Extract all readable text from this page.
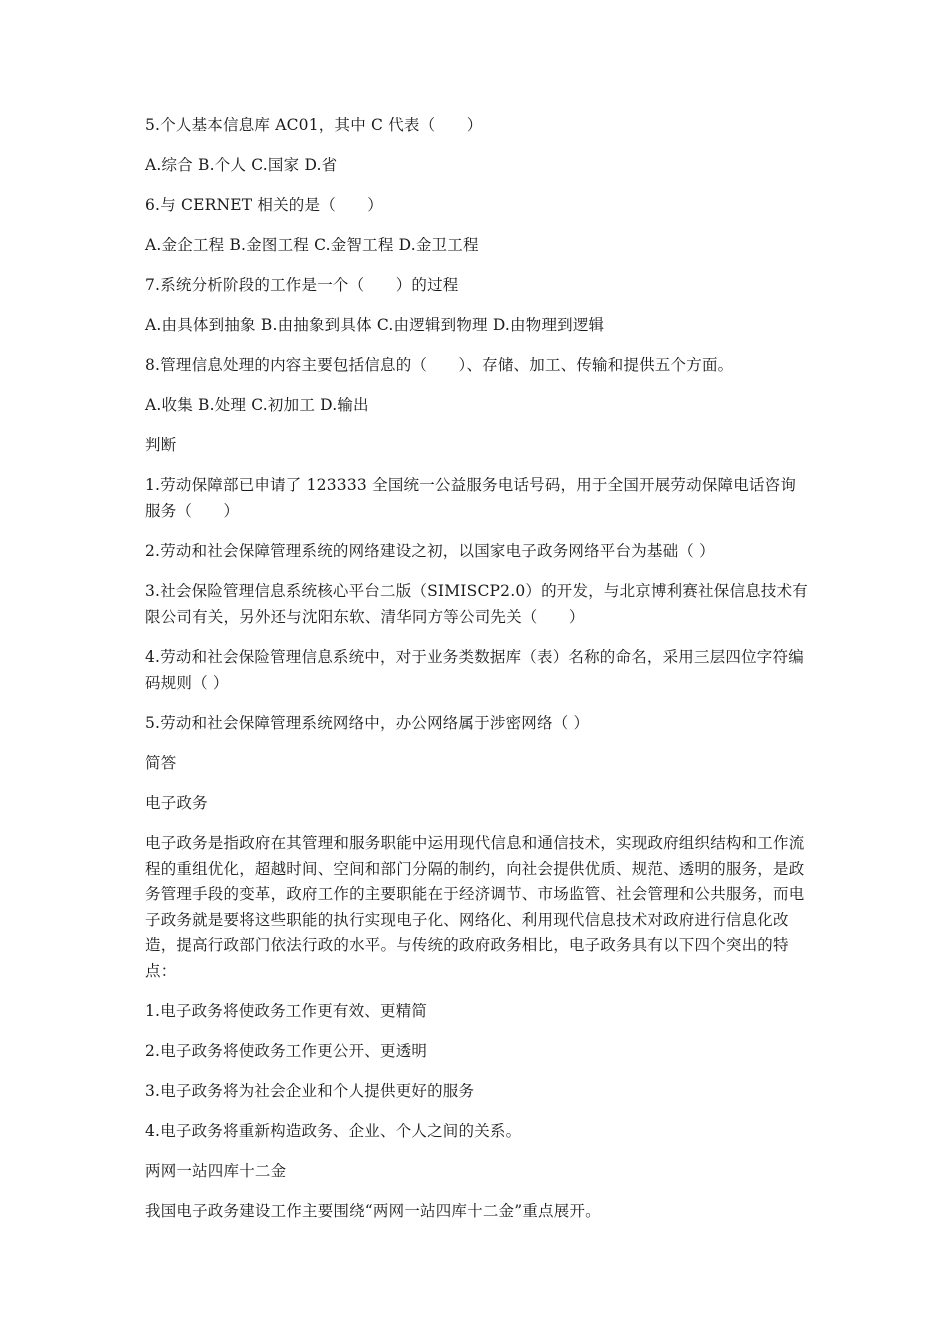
5.个人基本信息库 AC01，其中 C 代表（　　）

A.综合 B.个人 C.国家 D.省

6.与 CERNET 相关的是（　　）

A.金企工程 B.金图工程 C.金智工程 D.金卫工程

7.系统分析阶段的工作是一个（　　）的过程

A.由具体到抽象 B.由抽象到具体 C.由逻辑到物理 D.由物理到逻辑

8.管理信息处理的内容主要包括信息的（　　）、存储、加工、传输和提供五个方面。

A.收集 B.处理 C.初加工 D.输出

判断

1.劳动保障部已申请了 123333 全国统一公益服务电话号码，用于全国开展劳动保障电话咨询服务（　　）

2.劳动和社会保障管理系统的网络建设之初，以国家电子政务网络平台为基础（ ）

3.社会保险管理信息系统核心平台二版（SIMISCP2.0）的开发，与北京博利赛社保信息技术有限公司有关，另外还与沈阳东软、清华同方等公司先关（　　）

4.劳动和社会保险管理信息系统中，对于业务类数据库（表）名称的命名，采用三层四位字符编码规则（ ）

5.劳动和社会保障管理系统网络中，办公网络属于涉密网络（ ）

简答

电子政务

电子政务是指政府在其管理和服务职能中运用现代信息和通信技术，实现政府组织结构和工作流程的重组优化，超越时间、空间和部门分隔的制约，向社会提供优质、规范、透明的服务，是政务管理手段的变革，政府工作的主要职能在于经济调节、市场监管、社会管理和公共服务，而电子政务就是要将这些职能的执行实现电子化、网络化、利用现代信息技术对政府进行信息化改造，提高行政部门依法行政的水平。与传统的政府政务相比，电子政务具有以下四个突出的特点：

1.电子政务将使政务工作更有效、更精简

2.电子政务将使政务工作更公开、更透明

3.电子政务将为社会企业和个人提供更好的服务

4.电子政务将重新构造政务、企业、个人之间的关系。

两网一站四库十二金

我国电子政务建设工作主要围绕“两网一站四库十二金”重点展开。
